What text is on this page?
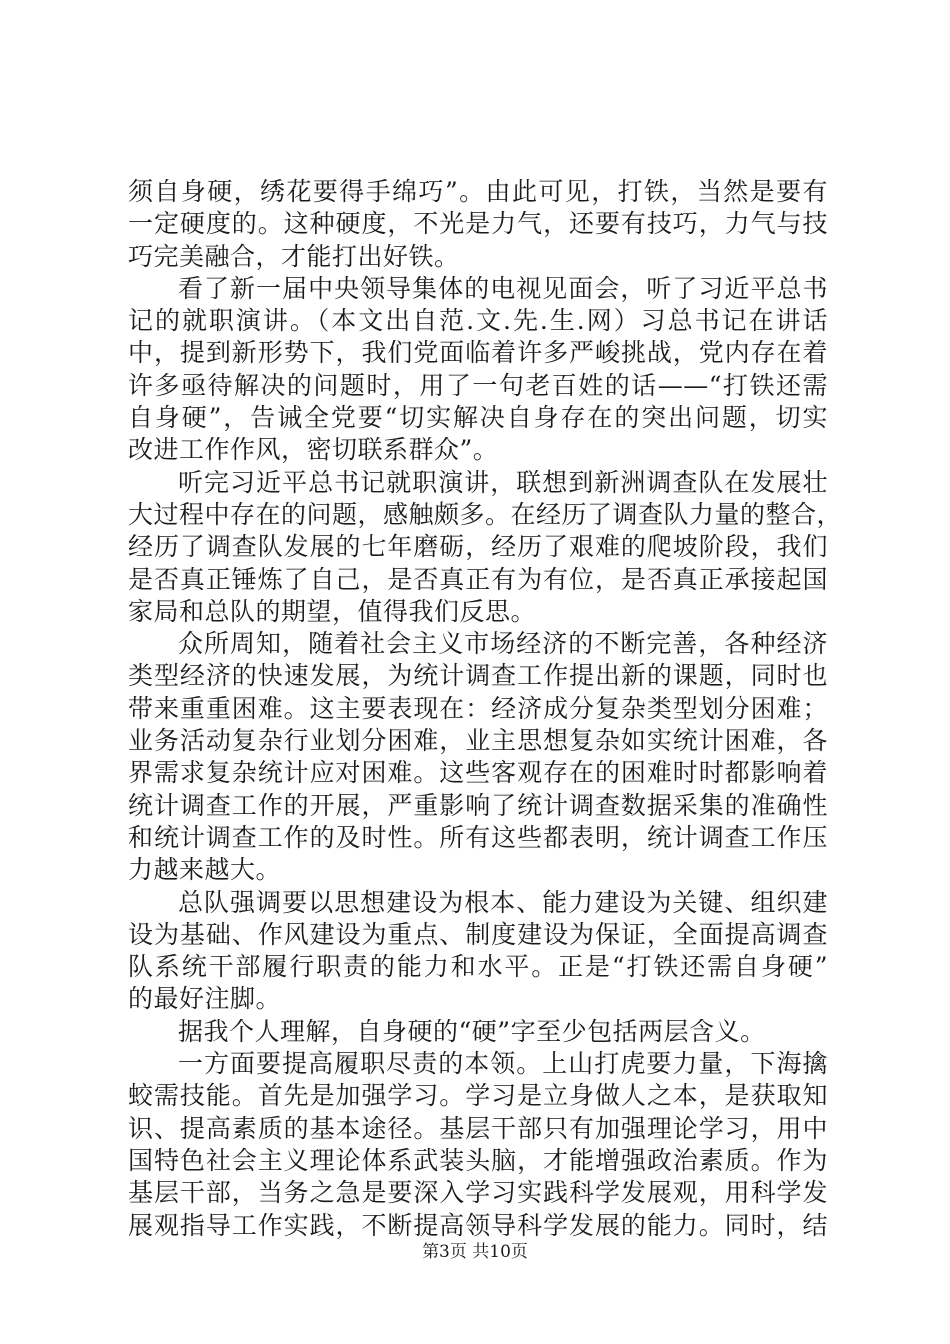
须自身硬，绣花要得手绵巧”。由此可见，打铁，当然是要有
一定硬度的。这种硬度，不光是力气，还要有技巧，力气与技
巧完美融合，才能打出好铁。
看了新一届中央领导集体的电视见面会，听了习近平总书
记的就职演讲。（本文出自范.文.先.生.网）习总书记在讲话
中，提到新形势下，我们党面临着许多严峻挑战，党内存在着
许多亟待解决的问题时，用了一句老百姓的话——“打铁还需
自身硬”，告诫全党要“切实解决自身存在的突出问题，切实
改进工作作风，密切联系群众”。
听完习近平总书记就职演讲，联想到新洲调查队在发展壮
大过程中存在的问题，感触颇多。在经历了调查队力量的整合，
经历了调查队发展的七年磨砺，经历了艰难的爬坡阶段，我们
是否真正锤炼了自己，是否真正有为有位，是否真正承接起国
家局和总队的期望，值得我们反思。
众所周知，随着社会主义市场经济的不断完善，各种经济
类型经济的快速发展，为统计调查工作提出新的课题，同时也
带来重重困难。这主要表现在：经济成分复杂类型划分困难；
业务活动复杂行业划分困难，业主思想复杂如实统计困难，各
界需求复杂统计应对困难。这些客观存在的困难时时都影响着
统计调查工作的开展，严重影响了统计调查数据采集的准确性
和统计调查工作的及时性。所有这些都表明，统计调查工作压
力越来越大。
总队强调要以思想建设为根本、能力建设为关键、组织建
设为基础、作风建设为重点、制度建设为保证，全面提高调查
队系统干部履行职责的能力和水平。正是“打铁还需自身硬”
的最好注脚。
据我个人理解，自身硬的“硬”字至少包括两层含义。
一方面要提高履职尽责的本领。上山打虎要力量，下海擒
蛟需技能。首先是加强学习。学习是立身做人之本，是获取知
识、提高素质的基本途径。基层干部只有加强理论学习，用中
国特色社会主义理论体系武装头脑，才能增强政治素质。作为
基层干部，当务之急是要深入学习实践科学发展观，用科学发
展观指导工作实践，不断提高领导科学发展的能力。同时，结
第3页 共10页
